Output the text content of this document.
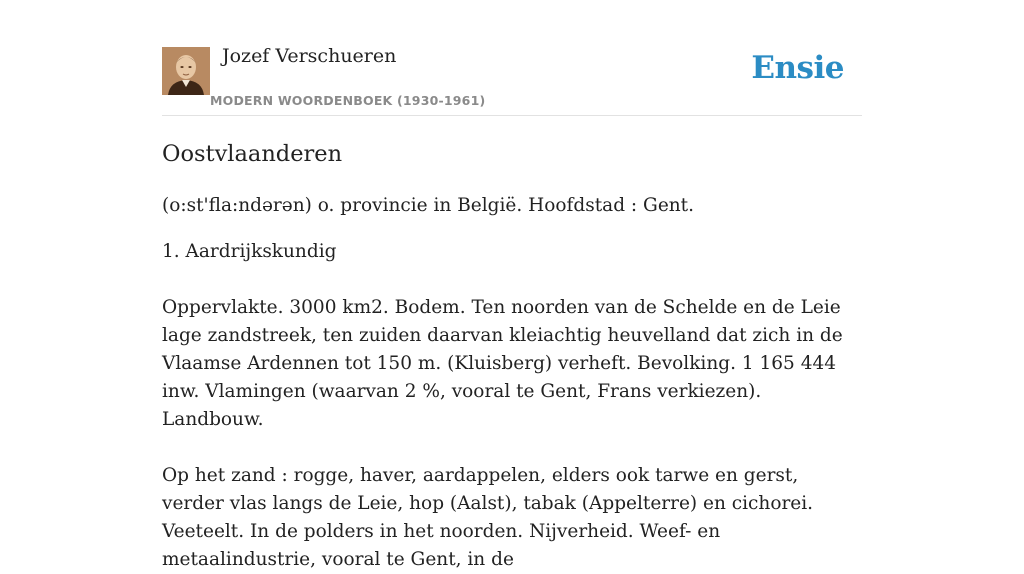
Jozef Verschueren
MODERN WOORDENBOEK (1930-1961)
Ensie
Oostvlaanderen

(o:st'fla:ndərən) o. provincie in België. Hoofdstad : Gent.

1. Aardrijkskundig

Oppervlakte. 3000 km2. Bodem. Ten noorden van de Schelde en de Leie lage zandstreek, ten zuiden daarvan kleiachtig heuvelland dat zich in de Vlaamse Ardennen tot 150 m. (Kluisberg) verheft. Bevolking. 1 165 444 inw. Vlamingen (waarvan 2 %, vooral te Gent, Frans verkiezen). Landbouw.

Op het zand : rogge, haver, aardappelen, elders ook tarwe en gerst, verder vlas langs de Leie, hop (Aalst), tabak (Appelterre) en cichorei. Veeteelt. In de polders in het noorden. Nijverheid. Weef- en metaalindustrie, vooral te Gent, in de
